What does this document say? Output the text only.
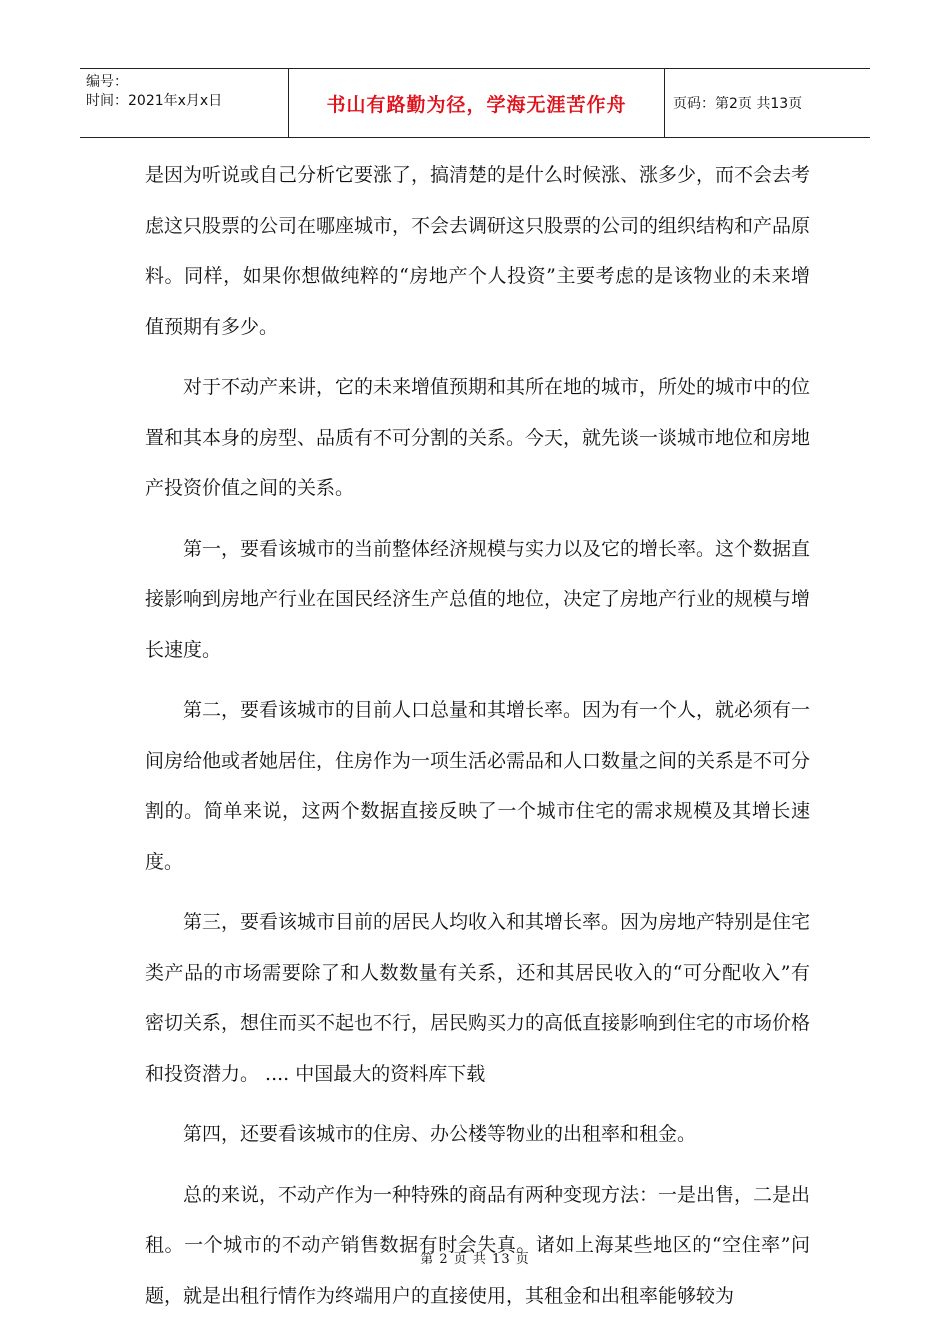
编号：
时间：2021年x月x日	书山有路勤为径，学海无涯苦作舟	页码：第2页 共13页

是因为听说或自己分析它要涨了，搞清楚的是什么时候涨、涨多少，而不会去考虑这只股票的公司在哪座城市，不会去调研这只股票的公司的组织结构和产品原料。同样，如果你想做纯粹的“房地产个人投资”主要考虑的是该物业的未来增值预期有多少。

对于不动产来讲，它的未来增值预期和其所在地的城市，所处的城市中的位置和其本身的房型、品质有不可分割的关系。今天，就先谈一谈城市地位和房地产投资价值之间的关系。

第一，要看该城市的当前整体经济规模与实力以及它的增长率。这个数据直接影响到房地产行业在国民经济生产总值的地位，决定了房地产行业的规模与增长速度。

第二，要看该城市的目前人口总量和其增长率。因为有一个人，就必须有一间房给他或者她居住，住房作为一项生活必需品和人口数量之间的关系是不可分割的。简单来说，这两个数据直接反映了一个城市住宅的需求规模及其增长速度。

第三，要看该城市目前的居民人均收入和其增长率。因为房地产特别是住宅类产品的市场需要除了和人数数量有关系，还和其居民收入的“可分配收入”有密切关系，想住而买不起也不行，居民购买力的高低直接影响到住宅的市场价格和投资潜力。 .... 中国最大的资料库下载

第四，还要看该城市的住房、办公楼等物业的出租率和租金。

总的来说，不动产作为一种特殊的商品有两种变现方法：一是出售，二是出租。一个城市的不动产销售数据有时会失真。诸如上海某些地区的“空住率”问题，就是出租行情作为终端用户的直接使用，其租金和出租率能够较为

第 2 页 共 13 页
